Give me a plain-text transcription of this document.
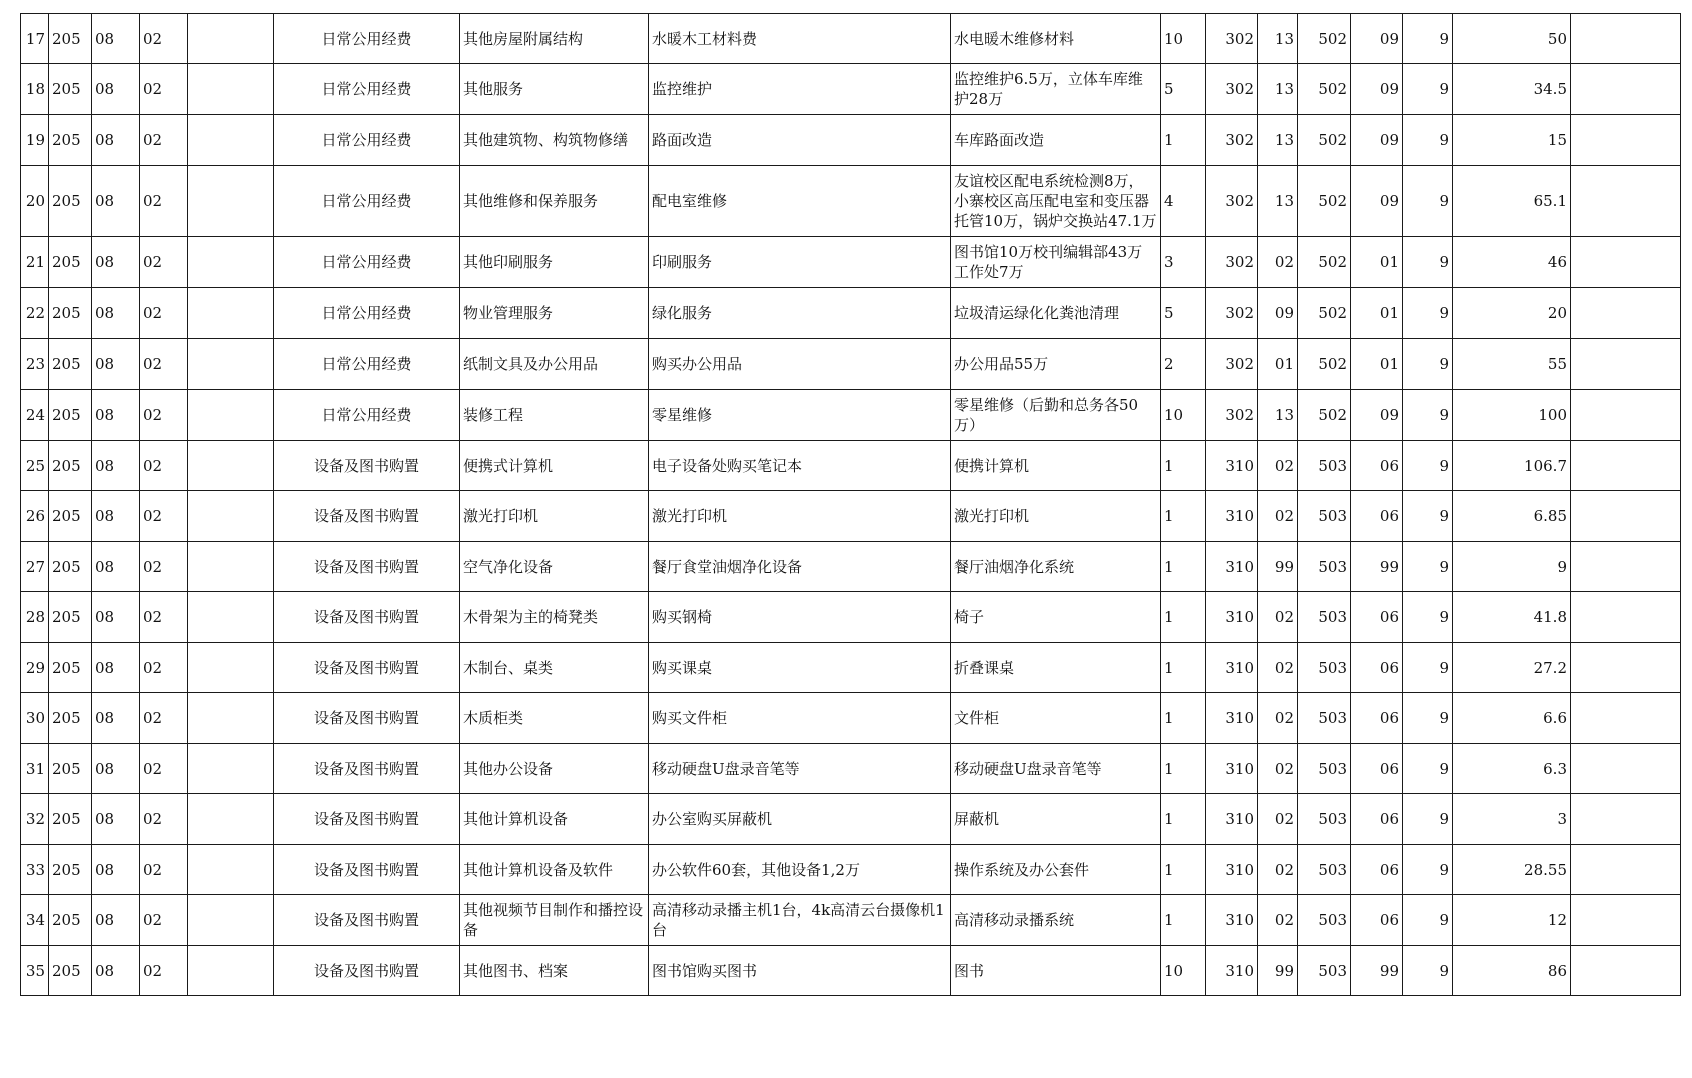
17	205	08	02		日常公用经费	其他房屋附属结构	水暖木工材料费	水电暖木维修材料	10	302	13	502	09	9	50	
18	205	08	02		日常公用经费	其他服务	监控维护	监控维护6.5万，立体车库维护28万	5	302	13	502	09	9	34.5	
19	205	08	02		日常公用经费	其他建筑物、构筑物修缮	路面改造	车库路面改造	1	302	13	502	09	9	15	
20	205	08	02		日常公用经费	其他维修和保养服务	配电室维修	友谊校区配电系统检测8万，小寨校区高压配电室和变压器托管10万，锅炉交换站47.1万	4	302	13	502	09	9	65.1	
21	205	08	02		日常公用经费	其他印刷服务	印刷服务	图书馆10万校刊编辑部43万工作处7万	3	302	02	502	01	9	46	
22	205	08	02		日常公用经费	物业管理服务	绿化服务	垃圾清运绿化化粪池清理	5	302	09	502	01	9	20	
23	205	08	02		日常公用经费	纸制文具及办公用品	购买办公用品	办公用品55万	2	302	01	502	01	9	55	
24	205	08	02		日常公用经费	装修工程	零星维修	零星维修（后勤和总务各50万）	10	302	13	502	09	9	100	
25	205	08	02		设备及图书购置	便携式计算机	电子设备处购买笔记本	便携计算机	1	310	02	503	06	9	106.7	
26	205	08	02		设备及图书购置	激光打印机	激光打印机	激光打印机	1	310	02	503	06	9	6.85	
27	205	08	02		设备及图书购置	空气净化设备	餐厅食堂油烟净化设备	餐厅油烟净化系统	1	310	99	503	99	9	9	
28	205	08	02		设备及图书购置	木骨架为主的椅凳类	购买钢椅	椅子	1	310	02	503	06	9	41.8	
29	205	08	02		设备及图书购置	木制台、桌类	购买课桌	折叠课桌	1	310	02	503	06	9	27.2	
30	205	08	02		设备及图书购置	木质柜类	购买文件柜	文件柜	1	310	02	503	06	9	6.6	
31	205	08	02		设备及图书购置	其他办公设备	移动硬盘U盘录音笔等	移动硬盘U盘录音笔等	1	310	02	503	06	9	6.3	
32	205	08	02		设备及图书购置	其他计算机设备	办公室购买屏蔽机	屏蔽机	1	310	02	503	06	9	3	
33	205	08	02		设备及图书购置	其他计算机设备及软件	办公软件60套，其他设备1,2万	操作系统及办公套件	1	310	02	503	06	9	28.55	
34	205	08	02		设备及图书购置	其他视频节目制作和播控设备	高清移动录播主机1台，4k高清云台摄像机1台	高清移动录播系统	1	310	02	503	06	9	12	
35	205	08	02		设备及图书购置	其他图书、档案	图书馆购买图书	图书	10	310	99	503	99	9	86	
